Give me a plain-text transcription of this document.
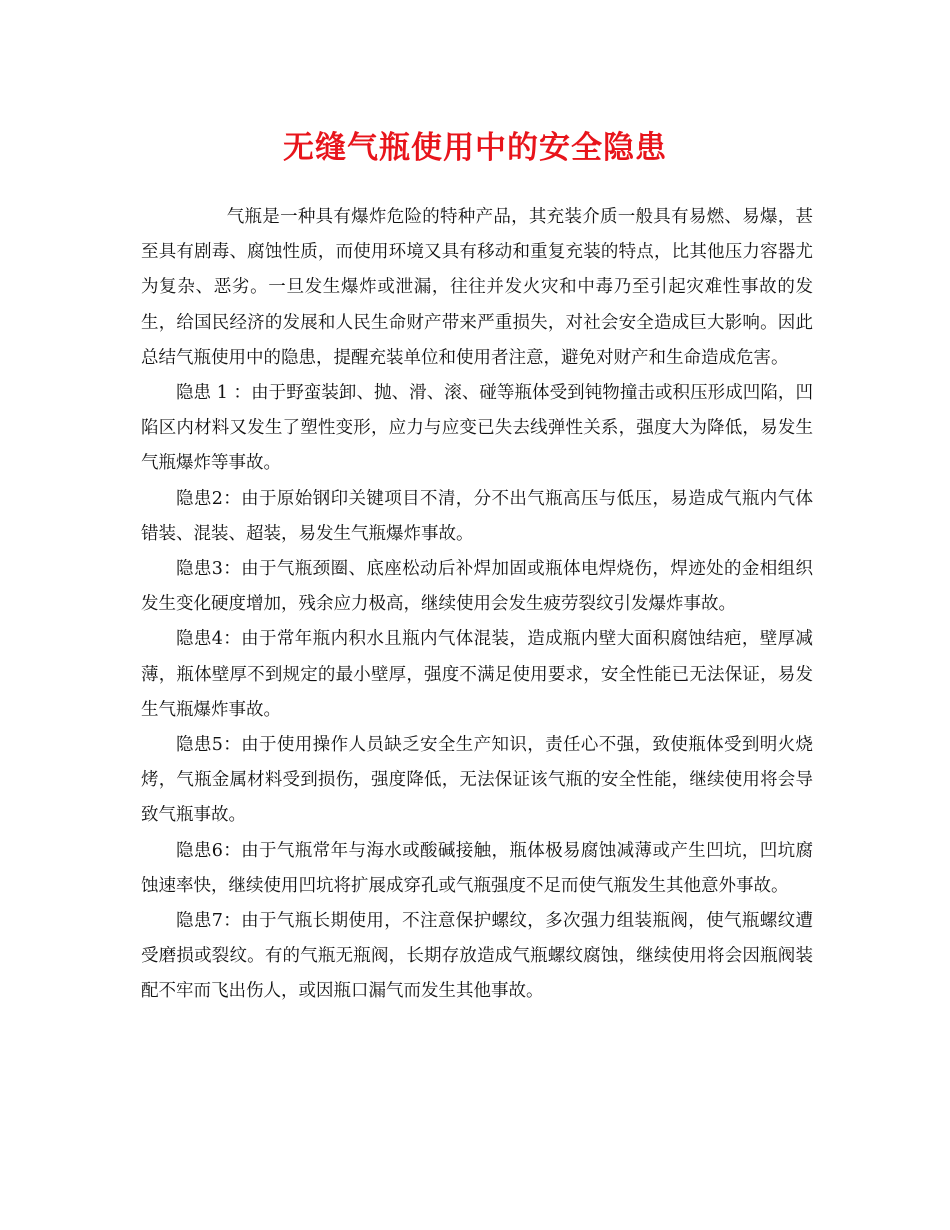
无缝气瓶使用中的安全隐患

气瓶是一种具有爆炸危险的特种产品，其充装介质一般具有易燃、易爆，甚至具有剧毒、腐蚀性质，而使用环境又具有移动和重复充装的特点，比其他压力容器尤为复杂、恶劣。一旦发生爆炸或泄漏，往往并发火灾和中毒乃至引起灾难性事故的发生，给国民经济的发展和人民生命财产带来严重损失，对社会安全造成巨大影响。因此总结气瓶使用中的隐患，提醒充装单位和使用者注意，避免对财产和生命造成危害。

隐患 1 ：由于野蛮装卸、抛、滑、滚、碰等瓶体受到钝物撞击或积压形成凹陷，凹陷区内材料又发生了塑性变形，应力与应变已失去线弹性关系，强度大为降低，易发生气瓶爆炸等事故。

隐患2：由于原始钢印关键项目不清，分不出气瓶高压与低压，易造成气瓶内气体错装、混装、超装，易发生气瓶爆炸事故。

隐患3：由于气瓶颈圈、底座松动后补焊加固或瓶体电焊烧伤，焊迹处的金相组织发生变化硬度增加，残余应力极高，继续使用会发生疲劳裂纹引发爆炸事故。

隐患4：由于常年瓶内积水且瓶内气体混装，造成瓶内壁大面积腐蚀结疤，壁厚减薄，瓶体壁厚不到规定的最小壁厚，强度不满足使用要求，安全性能已无法保证，易发生气瓶爆炸事故。

隐患5：由于使用操作人员缺乏安全生产知识，责任心不强，致使瓶体受到明火烧烤，气瓶金属材料受到损伤，强度降低，无法保证该气瓶的安全性能，继续使用将会导致气瓶事故。

隐患6：由于气瓶常年与海水或酸碱接触，瓶体极易腐蚀减薄或产生凹坑，凹坑腐蚀速率快，继续使用凹坑将扩展成穿孔或气瓶强度不足而使气瓶发生其他意外事故。

隐患7：由于气瓶长期使用，不注意保护螺纹，多次强力组装瓶阀，使气瓶螺纹遭受磨损或裂纹。有的气瓶无瓶阀，长期存放造成气瓶螺纹腐蚀，继续使用将会因瓶阀装配不牢而飞出伤人，或因瓶口漏气而发生其他事故。
